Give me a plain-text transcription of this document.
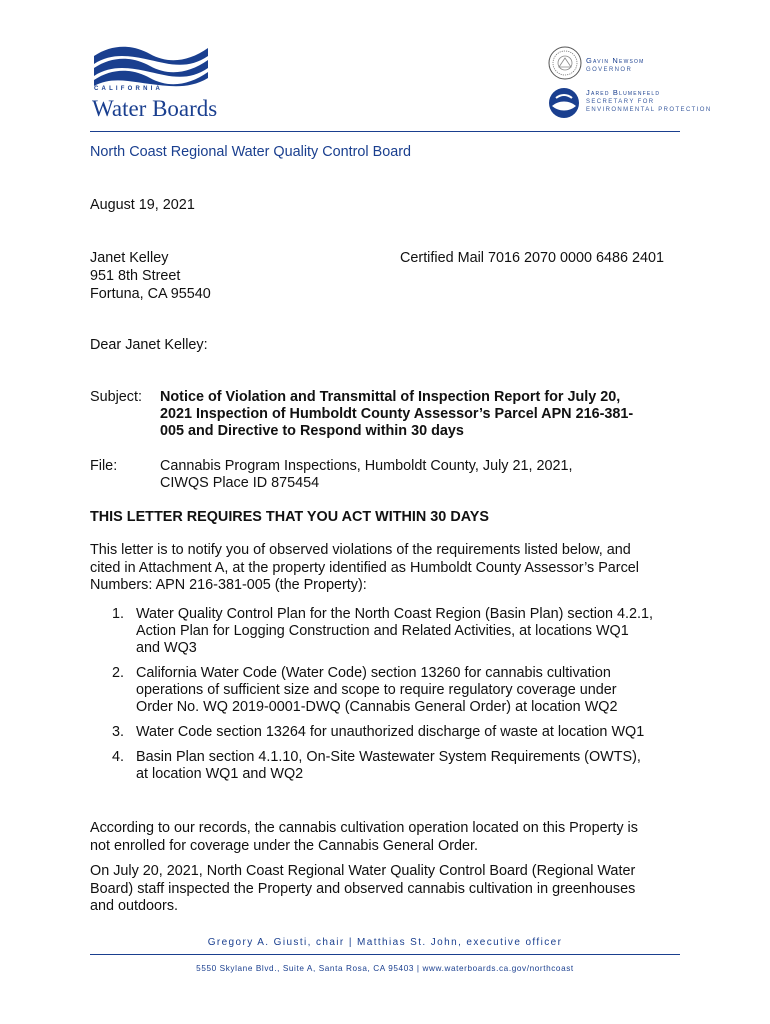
CALIFORNIA
Water Boards
Gavin Newsom
GOVERNOR
Jared Blumenfeld
SECRETARY FOR
ENVIRONMENTAL PROTECTION
North Coast Regional Water Quality Control Board
August 19, 2021
Janet Kelley
951 8th Street
Fortuna, CA 95540
Certified Mail 7016 2070 0000 6486 2401
Dear Janet Kelley:
Subject: Notice of Violation and Transmittal of Inspection Report for July 20,
2021 Inspection of Humboldt County Assessor’s Parcel APN 216-381-
005 and Directive to Respond within 30 days
File:	Cannabis Program Inspections, Humboldt County, July 21, 2021,
CIWQS Place ID 875454
THIS LETTER REQUIRES THAT YOU ACT WITHIN 30 DAYS
This letter is to notify you of observed violations of the requirements listed below, and
cited in Attachment A, at the property identified as Humboldt County Assessor’s Parcel
Numbers: APN 216-381-005 (the Property):
1. Water Quality Control Plan for the North Coast Region (Basin Plan) section 4.2.1,
Action Plan for Logging Construction and Related Activities, at locations WQ1
and WQ3
2. California Water Code (Water Code) section 13260 for cannabis cultivation
operations of sufficient size and scope to require regulatory coverage under
Order No. WQ 2019-0001-DWQ (Cannabis General Order) at location WQ2
3. Water Code section 13264 for unauthorized discharge of waste at location WQ1
4. Basin Plan section 4.1.10, On-Site Wastewater System Requirements (OWTS),
at location WQ1 and WQ2
According to our records, the cannabis cultivation operation located on this Property is
not enrolled for coverage under the Cannabis General Order.
On July 20, 2021, North Coast Regional Water Quality Control Board (Regional Water
Board) staff inspected the Property and observed cannabis cultivation in greenhouses
and outdoors.
Gregory A. Giusti, chair | Matthias St. John, executive officer
5550 Skylane Blvd., Suite A, Santa Rosa, CA 95403 | www.waterboards.ca.gov/northcoast
